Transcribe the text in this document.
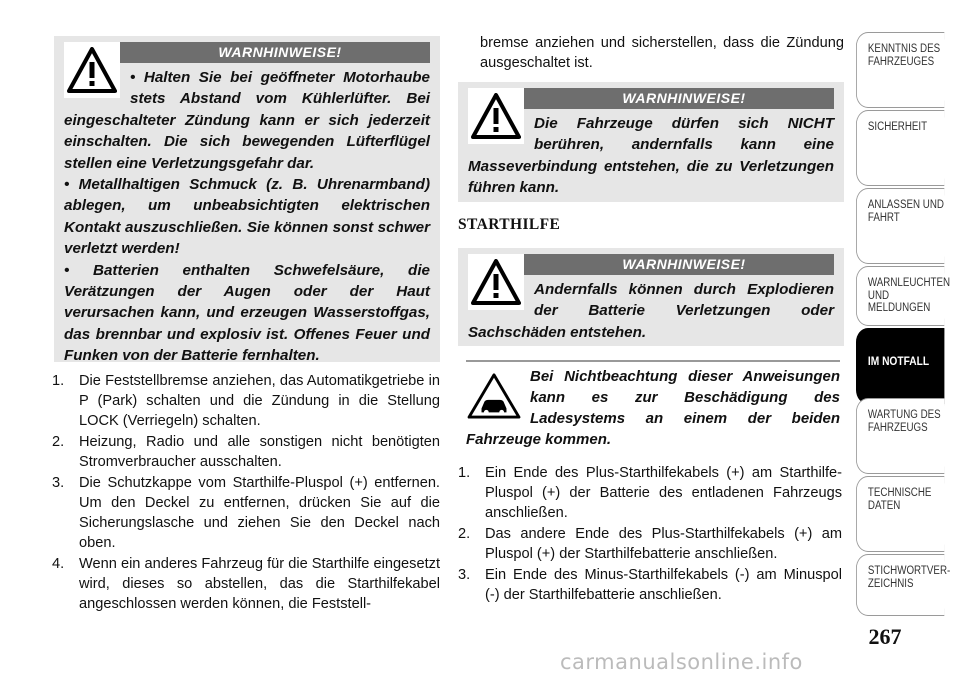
WARNHINWEISE!

• Halten Sie bei geöffneter Motorhaube stets Abstand vom Kühlerlüfter. Bei eingeschalteter Zündung kann er sich jederzeit einschalten. Die sich bewegenden Lüfterflügel stellen eine Verletzungsgefahr dar.

• Metallhaltigen Schmuck (z. B. Uhrenarmband) ablegen, um unbeabsichtigten elektrischen Kontakt auszuschließen. Sie können sonst schwer verletzt werden!

• Batterien enthalten Schwefelsäure, die Verätzungen der Augen oder der Haut verursachen kann, und erzeugen Wasserstoffgas, das brennbar und explosiv ist. Offenes Feuer und Funken von der Batterie fernhalten.

1. Die Feststellbremse anziehen, das Automatikgetriebe in P (Park) schalten und die Zündung in die Stellung LOCK (Verriegeln) schalten.
2. Heizung, Radio und alle sonstigen nicht benötigten Stromverbraucher ausschalten.
3. Die Schutzkappe vom Starthilfe-Pluspol (+) entfernen. Um den Deckel zu entfernen, drücken Sie auf die Sicherungslasche und ziehen Sie den Deckel nach oben.
4. Wenn ein anderes Fahrzeug für die Starthilfe eingesetzt wird, dieses so abstellen, das die Starthilfekabel angeschlossen werden können, die Feststell-
bremse anziehen und sicherstellen, dass die Zündung ausgeschaltet ist.
WARNHINWEISE!

Die Fahrzeuge dürfen sich NICHT berühren, andernfalls kann eine Masseverbindung entstehen, die zu Verletzungen führen kann.

STARTHILFE
WARNHINWEISE!

Andernfalls können durch Explodieren der Batterie Verletzungen oder Sachschäden entstehen.

Bei Nichtbeachtung dieser Anweisungen kann es zur Beschädigung des Ladesystems an einem der beiden Fahrzeuge kommen.

1. Ein Ende des Plus-Starthilfekabels (+) am Starthilfe-Pluspol (+) der Batterie des entladenen Fahrzeugs anschließen.
2. Das andere Ende des Plus-Starthilfekabels (+) am Pluspol (+) der Starthilfebatterie anschließen.
3. Ein Ende des Minus-Starthilfekabels (-) am Minuspol (-) der Starthilfebatterie anschließen.
KENNTNIS DES FAHRZEUGES
SICHERHEIT
ANLASSEN UND FAHRT
WARNLEUCHTEN UND MELDUNGEN
IM NOTFALL
WARTUNG DES FAHRZEUGS
TECHNISCHE DATEN
STICHWORTVER-ZEICHNIS
267
carmanualsonline.info
